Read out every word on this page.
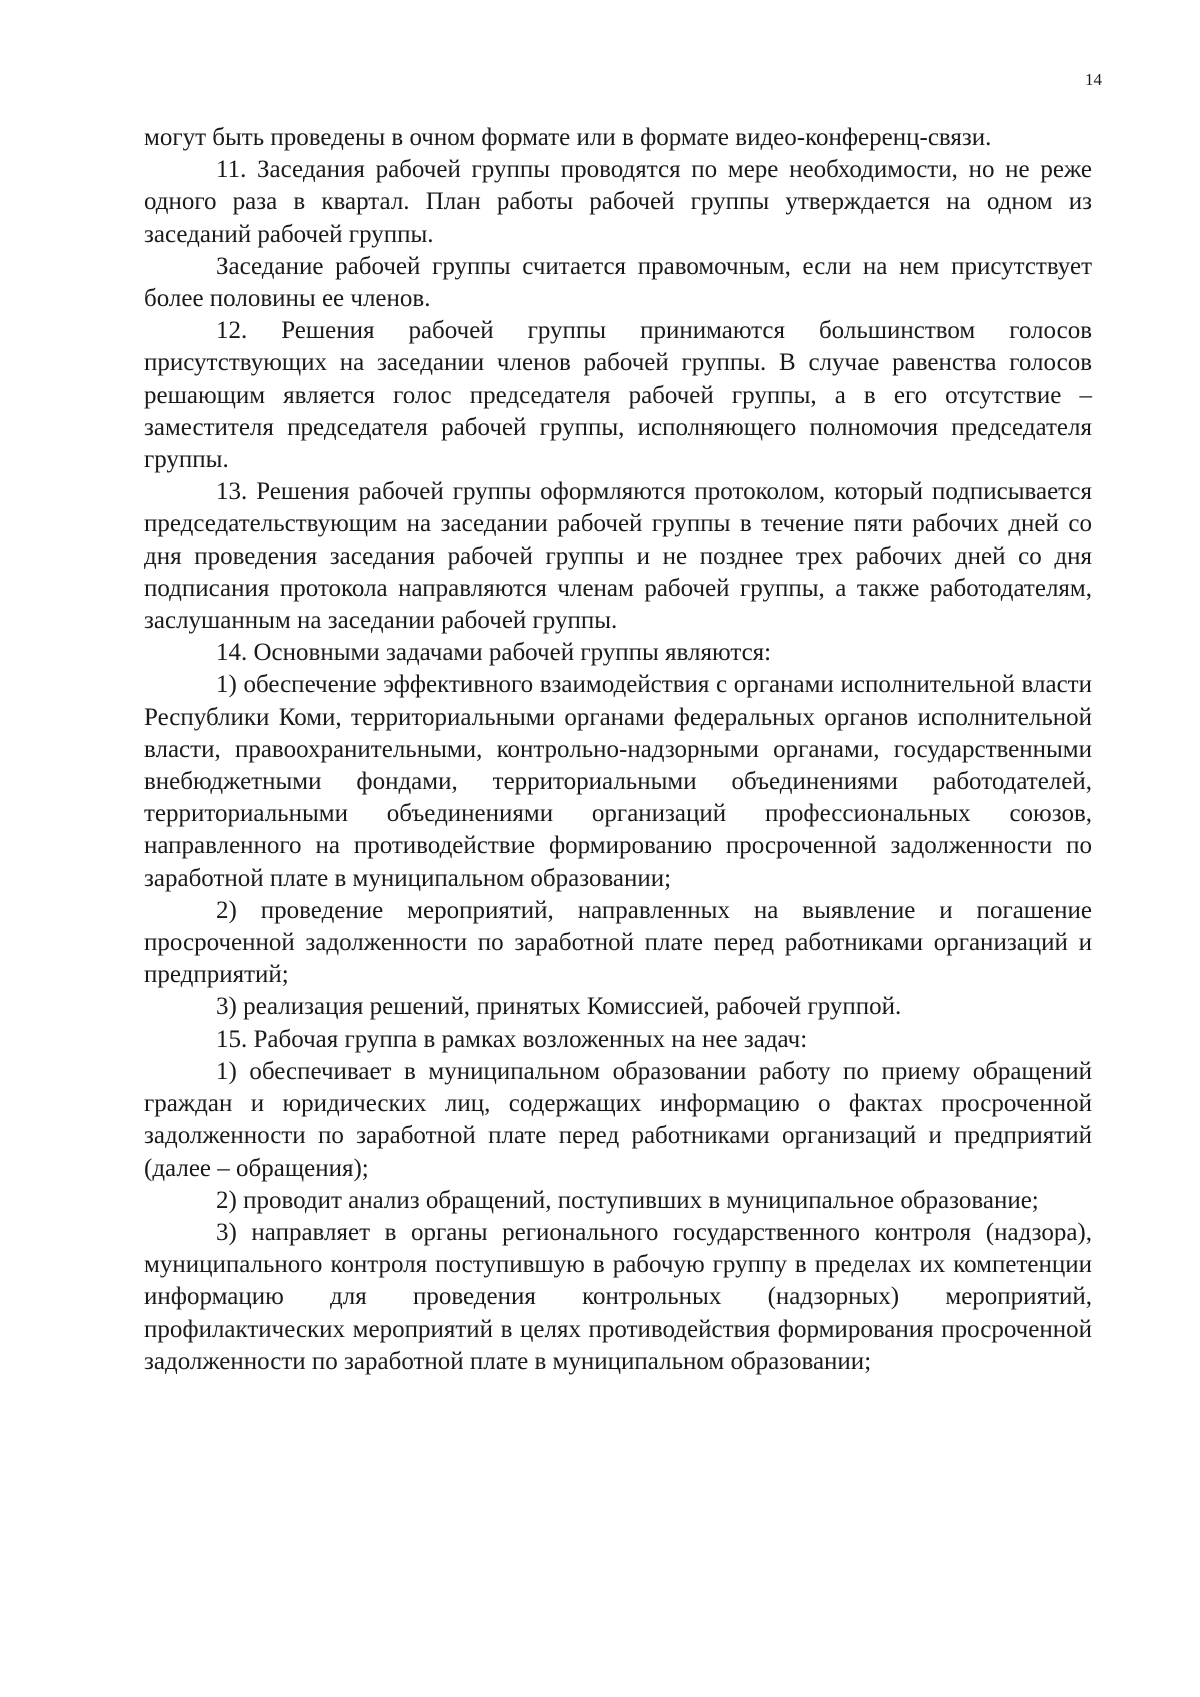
14

могут быть проведены в очном формате или в формате видео-конференц-связи.

11. Заседания рабочей группы проводятся по мере необходимости, но не реже одного раза в квартал. План работы рабочей группы утверждается на одном из заседаний рабочей группы.

Заседание рабочей группы считается правомочным, если на нем присутствует более половины ее членов.

12. Решения рабочей группы принимаются большинством голосов присутствующих на заседании членов рабочей группы. В случае равенства голосов решающим является голос председателя рабочей группы, а в его отсутствие – заместителя председателя рабочей группы, исполняющего полномочия председателя группы.

13. Решения рабочей группы оформляются протоколом, который подписывается председательствующим на заседании рабочей группы в течение пяти рабочих дней со дня проведения заседания рабочей группы и не позднее трех рабочих дней со дня подписания протокола направляются членам рабочей группы, а также работодателям, заслушанным на заседании рабочей группы.

14. Основными задачами рабочей группы являются:

1) обеспечение эффективного взаимодействия с органами исполнительной власти Республики Коми, территориальными органами федеральных органов исполнительной власти, правоохранительными, контрольно-надзорными органами, государственными внебюджетными фондами, территориальными объединениями работодателей, территориальными объединениями организаций профессиональных союзов, направленного на противодействие формированию просроченной задолженности по заработной плате в муниципальном образовании;

2) проведение мероприятий, направленных на выявление и погашение просроченной задолженности по заработной плате перед работниками организаций и предприятий;

3) реализация решений, принятых Комиссией, рабочей группой.

15. Рабочая группа в рамках возложенных на нее задач:

1) обеспечивает в муниципальном образовании работу по приему обращений граждан и юридических лиц, содержащих информацию о фактах просроченной задолженности по заработной плате перед работниками организаций и предприятий (далее – обращения);

2) проводит анализ обращений, поступивших в муниципальное образование;

3) направляет в органы регионального государственного контроля (надзора), муниципального контроля поступившую в рабочую группу в пределах их компетенции информацию для проведения контрольных (надзорных) мероприятий, профилактических мероприятий в целях противодействия формирования просроченной задолженности по заработной плате в муниципальном образовании;
